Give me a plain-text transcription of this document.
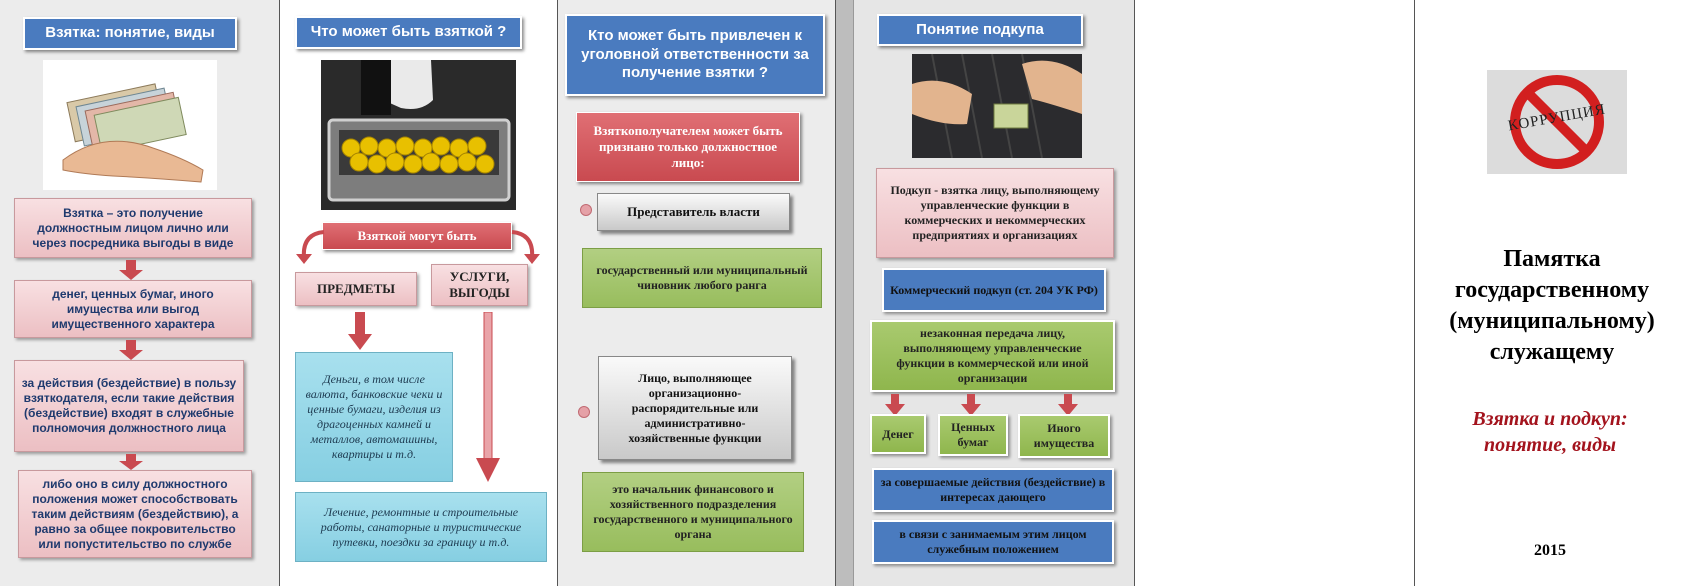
Взятка: понятие, виды
Взятка – это получение должностным лицом лично или через посредника выгоды в виде
денег, ценных бумаг, иного имущества или выгод имущественного характера
за действия (бездействие) в пользу взяткодателя, если такие действия (бездействие) входят в служебные полномочия должностного лица
либо оно в силу должностного положения может способствовать таким действиям (бездействию), а равно за общее покровительство или попустительство по службе
Что может быть взяткой ?
Взяткой могут быть
ПРЕДМЕТЫ
УСЛУГИ, ВЫГОДЫ
Деньги, в том числе валюта, банковские чеки и ценные бумаги, изделия из драгоценных камней и металлов, автомашины, квартиры и т.д.
Лечение, ремонтные и строительные работы, санаторные и туристические путевки, поездки за границу и т.д.
Кто может быть привлечен к уголовной ответственности за получение взятки ?
Взяткополучателем может быть признано только должностное лицо:
Представитель власти
государственный или муниципальный чиновник любого ранга
Лицо, выполняющее организационно-распорядительные или административно-хозяйственные функции
это начальник финансового и хозяйственного подразделения государственного и муниципального органа
Понятие подкупа
Подкуп - взятка лицу, выполняющему управленческие функции в коммерческих и некоммерческих предприятиях и организациях
Коммерческий подкуп (ст. 204 УК РФ)
незаконная передача лицу, выполняющему управленческие функции в коммерческой или иной организации
Денег	Ценных бумаг
Иного имущества
за совершаемые действия (бездействие) в интересах дающего
в связи с занимаемым этим лицом служебным положением
КОРРУПЦИЯ
Памятка государственному (муниципальному) служащему
Взятка и подкуп: понятие, виды
2015
